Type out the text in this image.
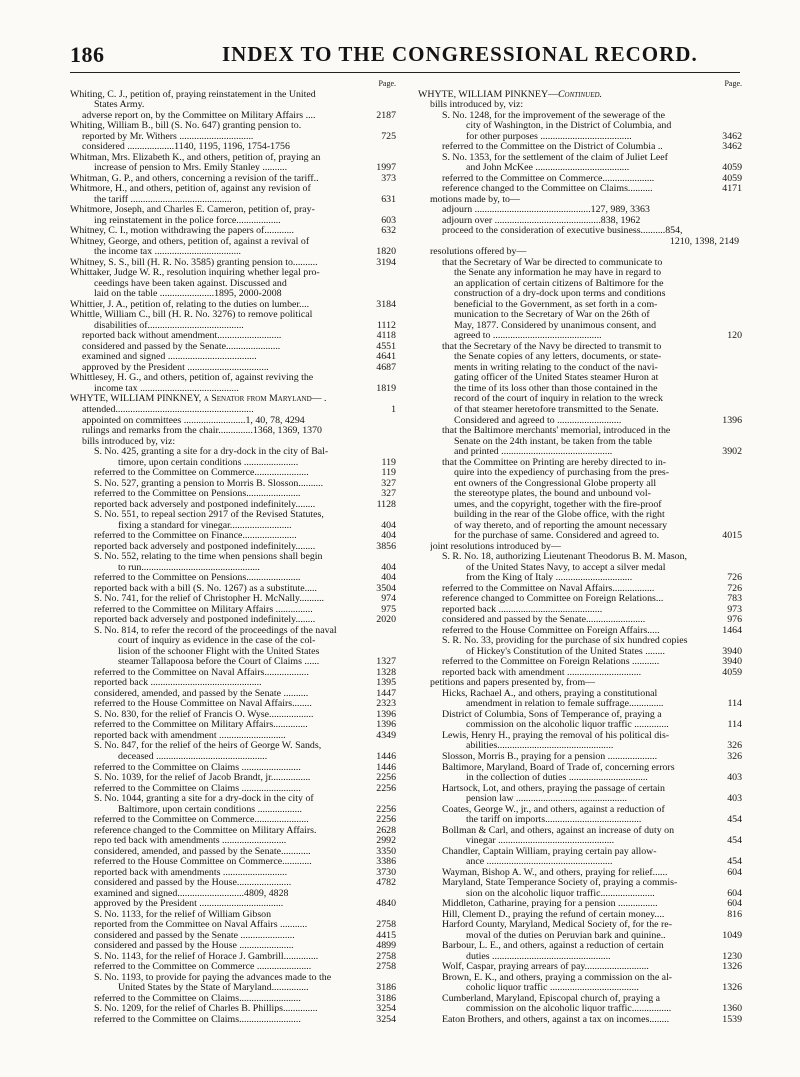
186	INDEX TO THE CONGRESSIONAL RECORD.
Page.
Whiting, C. J., petition of, praying reinstatement in the United
States Army.
adverse report on, by the Committee on Military Affairs ....	2187
Whiting, William B., bill (S. No. 647) granting pension to.
reported by Mr. Withers ..............................	725
considered ...................1140, 1195, 1196, 1754-1756
Whitman, Mrs. Elizabeth K., and others, petition of, praying an
increase of pension to Mrs. Emily Stanley ..........	1997
Whitman, G. P., and others, concerning a revision of the tariff..	373
Whitmore, H., and others, petition of, against any revision of
the tariff .........................................	631
Whitmore, Joseph, and Charles E. Cameron, petition of, pray-
ing reinstatement in the police force..................	603
Whitney, C. I., motion withdrawing the papers of............	632
Whitney, George, and others, petition of, against a revival of
the income tax ...................................	1820
Whitney, S. S., bill (H. R. No. 3585) granting pension to..........	3194
Whittaker, Judge W. R., resolution inquiring whether legal pro-
ceedings have been taken against. Discussed and
laid on the table ......................1895, 2000-2008
Whittier, J. A., petition of, relating to the duties on lumber....	3184
Whittle, William C., bill (H. R. No. 3276) to remove political
disabilities of.......................................	1112
reported back without amendment..........................	4118
considered and passed by the Senate......................	4551
examined and signed ....................................	4641
approved by the President .................................	4687
Whittlesey, H. G., and others, petition of, against reviving the
income tax ........................................	1819
WHYTE, WILLIAM PINKNEY, a Senator from Maryland— .
attended........................................................	1
appointed on committees .........................1, 40, 78, 4294
rulings and remarks from the chair..............1368, 1369, 1370
bills introduced by, viz:
S. No. 425, granting a site for a dry-dock in the city of Bal-
timore, upon certain conditions ......................	119
referred to the Committee on Commerce......................	119
S. No. 527, granting a pension to Morris B. Slosson..........	327
referred to the Committee on Pensions......................	327
reported back adversely and postponed indefinitely........	1128
S. No. 551, to repeal section 2917 of the Revised Statutes,
fixing a standard for vinegar.........................	404
referred to the Committee on Finance......................	404
reported back adversely and postponed indefinitely........	3856
S. No. 552, relating to the time when pensions shall begin
to run................................................	404
referred to the Committee on Pensions......................	404
reported back with a bill (S. No. 1267) as a substitute.....	3504
S. No. 741, for the relief of Christopher H. McNally..........	974
referred to the Committee on Military Affairs ...............	975
reported back adversely and postponed indefinitely........	2020
S. No. 814, to refer the record of the proceedings of the naval
court of inquiry as evidence in the case of the col-
lision of the schooner Flight with the United States
steamer Tallapoosa before the Court of Claims ......	1327
referred to the Committee on Naval Affairs..................	1328
reported back .............................................	1395
considered, amended, and passed by the Senate ..........	1447
referred to the House Committee on Naval Affairs........	2323
S. No. 830, for the relief of Francis O. Wyse..................	1396
referred to the Committee on Military Affairs..............	1396
reported back with amendment ...........................	4349
S. No. 847, for the relief of the heirs of George W. Sands,
deceased .............................................	1446
referred to the Committee on Claims ........................	1446
S. No. 1039, for the relief of Jacob Brandt, jr................	2256
referred to the Committee on Claims ........................	2256
S. No. 1044, granting a site for a dry-dock in the city of
Baltimore, upon certain conditions ..................	2256
referred to the Committee on Commerce......................	2256
reference changed to the Committee on Military Affairs.	2628
repo ted back with amendments ..........................	2992
considered, amended, and passed by the Senate............	3350
referred to the House Committee on Commerce............	3386
reported back with amendments ..........................	3730
considered and passed by the House......................	4782
examined and signed...........................4809, 4828
approved by the President ..................................	4840
S. No. 1133, for the relief of William Gibson
reported from the Committee on Naval Affairs ...........	2758
considered and passed by the Senate ......................	4415
considered and passed by the House ......................	4899
S. No. 1143, for the relief of Horace J. Gambrill..............	2758
referred to the Committee on Commerce ......................	2758
S. No. 1193, to provide for paying the advances made to the
United States by the State of Maryland...............	3186
referred to the Committee on Claims.........................	3186
S. No. 1209, for the relief of Charles B. Phillips..............	3254
referred to the Committee on Claims.........................	3254
Page.
WHYTE, WILLIAM PINKNEY—Continued.
bills introduced by, viz:
S. No. 1248, for the improvement of the sewerage of the
city of Washington, in the District of Columbia, and
for other purposes .....................................	3462
referred to the Committee on the District of Columbia ..	3462
S. No. 1353, for the settlement of the claim of Juliet Leef
and John McKee ......................................	4059
referred to the Committee on Commerce.....................	4059
reference changed to the Committee on Claims..........	4171
motions made by, to—
adjourn ...............................................127, 989, 3363
adjourn over ...........................................838, 1962
proceed to the consideration of executive business..........854,
1210, 1398, 2149
resolutions offered by—
that the Secretary of War be directed to communicate to
the Senate any information he may have in regard to
an application of certain citizens of Baltimore for the
construction of a dry-dock upon terms and conditions
beneficial to the Government, as set forth in a com-
munication to the Secretary of War on the 26th of
May, 1877. Considered by unanimous consent, and
agreed to ............................................	120
that the Secretary of the Navy be directed to transmit to
the Senate copies of any letters, documents, or state-
ments in writing relating to the conduct of the navi-
gating officer of the United States steamer Huron at
the time of its loss other than those contained in the
record of the court of inquiry in relation to the wreck
of that steamer heretofore transmitted to the Senate.
Considered and agreed to ..........................	1396
that the Baltimore merchants' memorial, introduced in the
Senate on the 24th instant, be taken from the table
and printed .............................................	3902
that the Committee on Printing are hereby directed to in-
quire into the expediency of purchasing from the pres-
ent owners of the Congressional Globe property all
the stereotype plates, the bound and unbound vol-
umes, and the copyright, together with the fire-proof
building in the rear of the Globe office, with the right
of way thereto, and of reporting the amount necessary
for the purchase of same. Considered and agreed to.	4015
joint resolutions introduced by—
S. R. No. 18, authorizing Lieutenant Theodorus B. M. Mason,
of the United States Navy, to accept a silver medal
from the King of Italy ...............................	726
referred to the Committee on Naval Affairs.................	726
reference changed to Committee on Foreign Relations...	783
reported back ..........................................	973
considered and passed by the Senate........................	976
referred to the House Committee on Foreign Affairs.....	1464
S. R. No. 33, providing for the purchase of six hundred copies
of Hickey's Constitution of the United States ........	3940
referred to the Committee on Foreign Relations ...........	3940
reported back with amendment ..............................	4059
petitions and papers presented by, from—
Hicks, Rachael A., and others, praying a constitutional
amendment in relation to female suffrage..............	114
District of Columbia, Sons of Temperance of, praying a
commission on the alcoholic liquor traffic ..............	114
Lewis, Henry H., praying the removal of his political dis-
abilities...............................................	326
Slosson, Morris B., praying for a pension ....................	326
Baltimore, Maryland, Board of Trade of, concerning errors
in the collection of duties ................................	403
Hartsock, Lot, and others, praying the passage of certain
pension law .............................................	403
Coates, George W., jr., and others, against a reduction of
the tariff on imports.......................................	454
Bollman & Carl, and others, against an increase of duty on
vinegar ...............................................	454
Chandler, Captain William, praying certain pay allow-
ance ...................................................	454
Wayman, Bishop A. W., and others, praying for relief......	604
Maryland, State Temperance Society of, praying a commis-
sion on the alcoholic liquor traffic......................	604
Middleton, Catharine, praying for a pension ................	604
Hill, Clement D., praying the refund of certain money....	816
Harford County, Maryland, Medical Society of, for the re-
moval of the duties on Peruvian bark and quinine..	1049
Barbour, L. E., and others, against a reduction of certain
duties ................................................	1230
Wolf, Caspar, praying arrears of pay..........................	1326
Brown, E. K., and others, praying a commission on the al-
coholic liquor traffic ....................................	1326
Cumberland, Maryland, Episcopal church of, praying a
commission on the alcoholic liquor traffic................	1360
Eaton Brothers, and others, against a tax on incomes........	1539
